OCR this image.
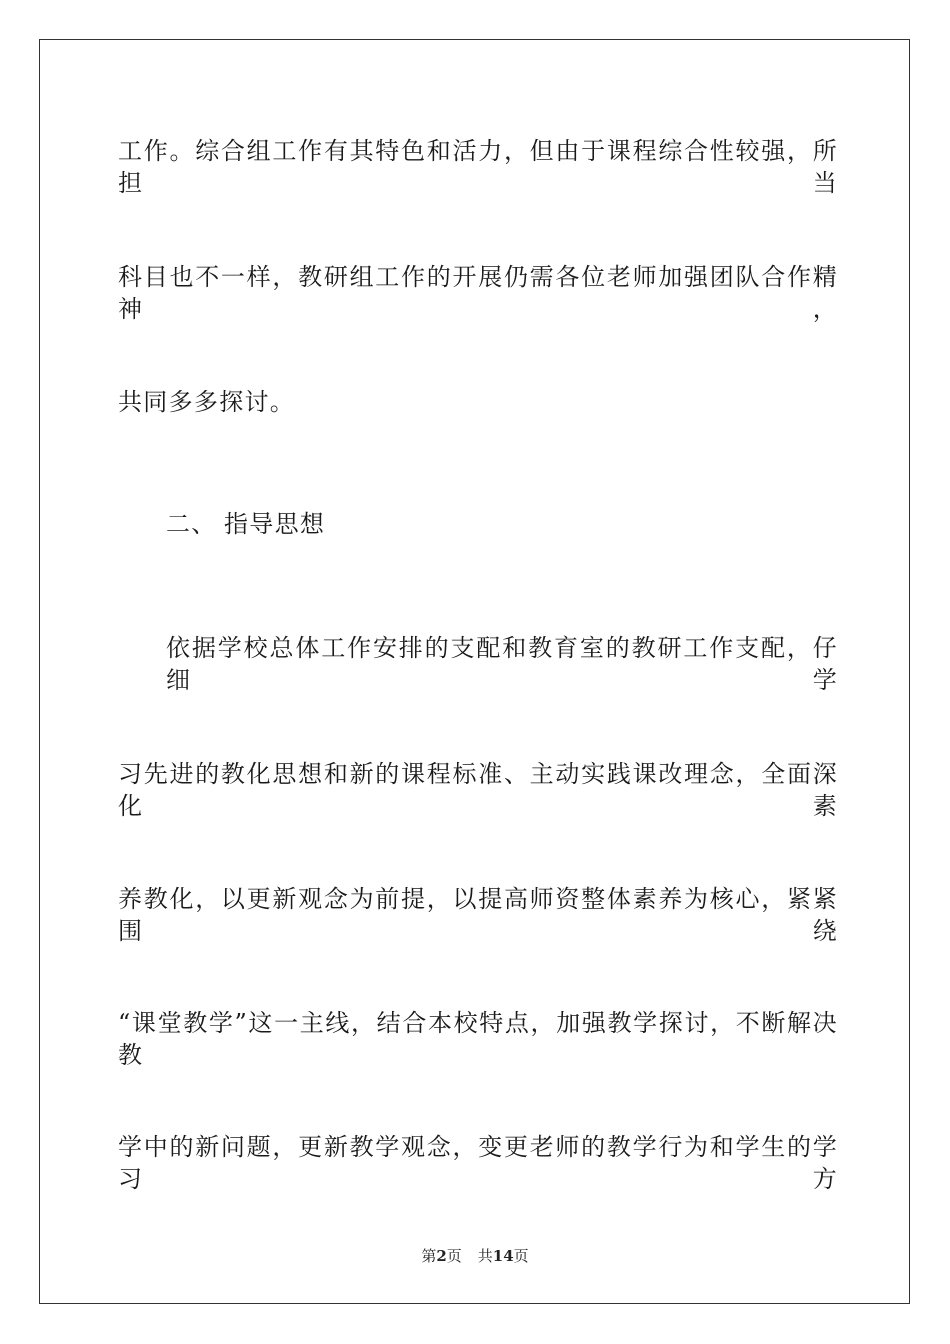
工作。综合组工作有其特色和活力，但由于课程综合性较强，所担当
科目也不一样，教研组工作的开展仍需各位老师加强团队合作精神，
共同多多探讨。
二、 指导思想
依据学校总体工作安排的支配和教育室的教研工作支配，仔细学
习先进的教化思想和新的课程标准、主动实践课改理念，全面深化素
养教化，以更新观念为前提，以提高师资整体素养为核心，紧紧围绕
“课堂教学”这一主线，结合本校特点，加强教学探讨，不断解决教
学中的新问题，更新教学观念，变更老师的教学行为和学生的学习方
第2页 共14页
